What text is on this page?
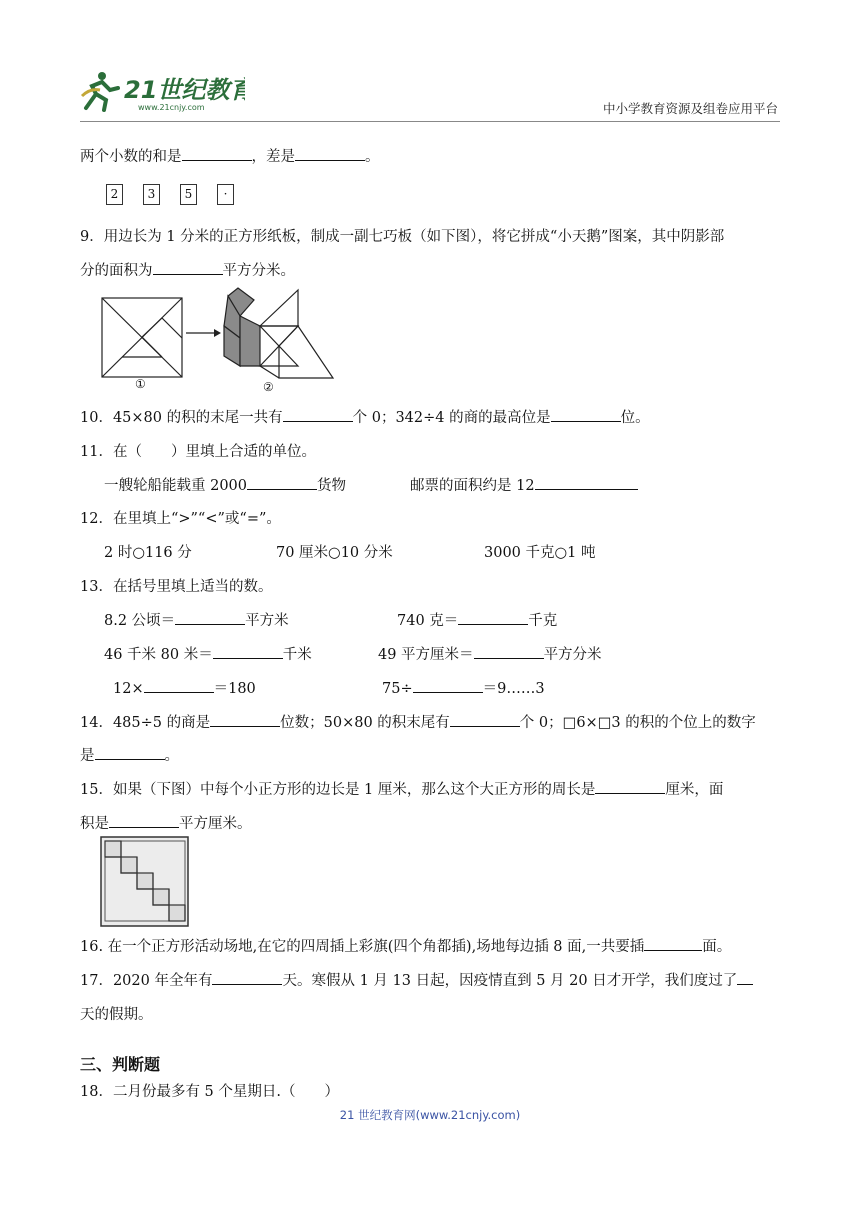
21世纪教育
www.21cnjy.com	中小学教育资源及组卷应用平台
两个小数的和是	，差是	。
2 3 5	·
9．用边长为 1 分米的正方形纸板，制成一副七巧板（如下图），将它拼成“小天鹅”图案，其中阴影部
分的面积为	平方分米。
①	②
10．45×80 的积的末尾一共有	个 0；342÷4 的商的最高位是	位。
11．在（　　）里填上合适的单位。
一艘轮船能载重 2000	货物	邮票的面积约是 12
12．在里填上“>”“<”或“=”。
2 时○116 分	70 厘米○10 分米	3000 千克○1 吨
13．在括号里填上适当的数。
8.2 公顷＝	平方米	740 克＝	千克
46 千米 80 米＝	千米	49 平方厘米＝	平方分米
12×	＝180	75÷	＝9……3
14．485÷5 的商是	位数；50×80 的积末尾有	个 0；□6×□3 的积的个位上的数字
是	。
15．如果（下图）中每个小正方形的边长是 1 厘米，那么这个大正方形的周长是	厘米，面
积是	平方厘米。
16. 在一个正方形活动场地,在它的四周插上彩旗(四个角都插),场地每边插 8 面,一共要插	面。
17．2020 年全年有	天。寒假从 1 月 13 日起，因疫情直到 5 月 20 日才开学，我们度过了
天的假期。
三、判断题
18．二月份最多有 5 个星期日.（　　）
21 世纪教育网(www.21cnjy.com)
